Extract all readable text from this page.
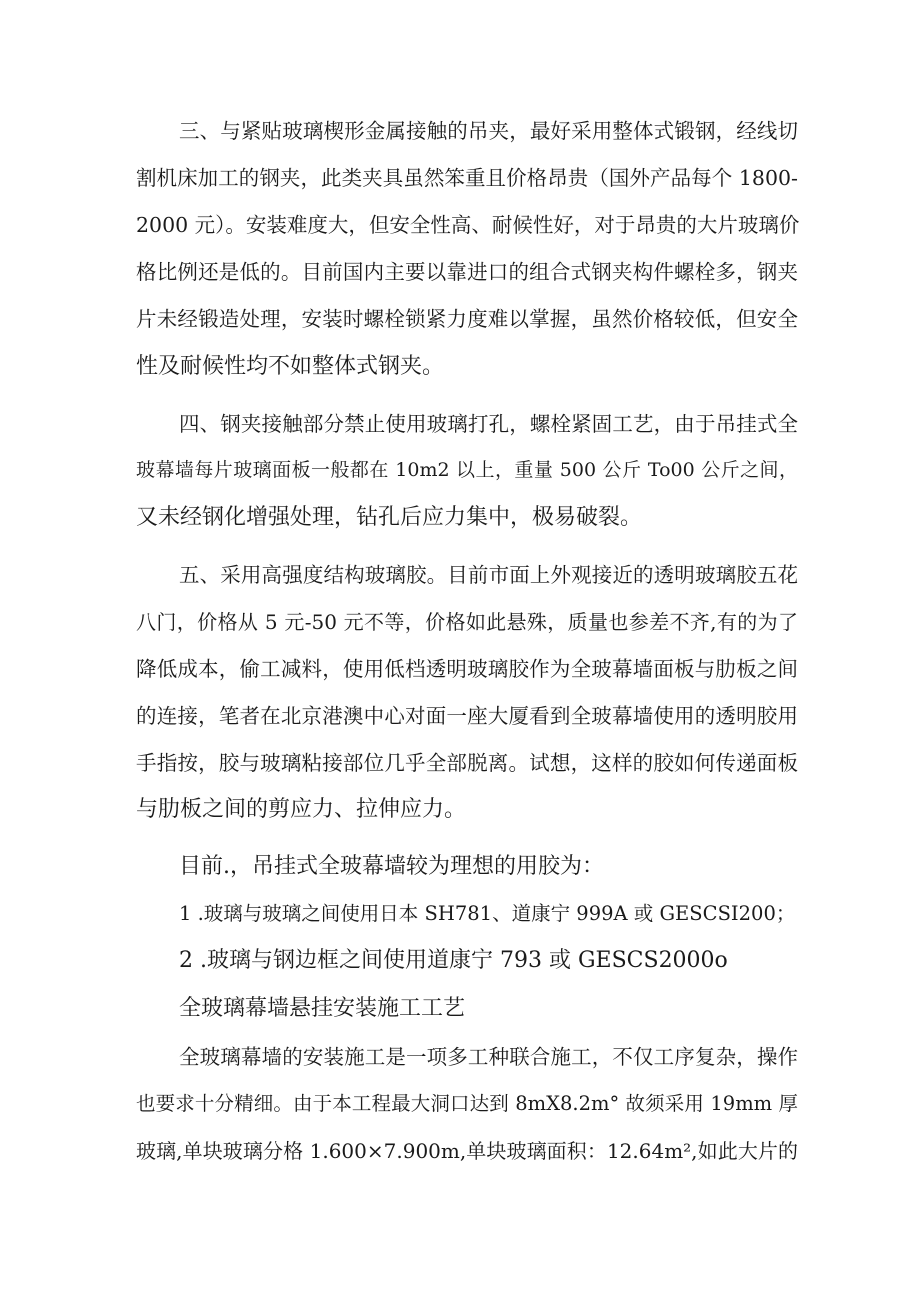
三、与紧贴玻璃楔形金属接触的吊夹，最好采用整体式锻钢，经线切
割机床加工的钢夹，此类夹具虽然笨重且价格昂贵（国外产品每个 1800-
2000 元）。安装难度大，但安全性高、耐候性好，对于昂贵的大片玻璃价
格比例还是低的。目前国内主要以靠进口的组合式钢夹构件螺栓多，钢夹
片未经锻造处理，安装时螺栓锁紧力度难以掌握，虽然价格较低，但安全
性及耐候性均不如整体式钢夹。
四、钢夹接触部分禁止使用玻璃打孔，螺栓紧固工艺，由于吊挂式全
玻幕墙每片玻璃面板一般都在 10m2 以上，重量 500 公斤 To00 公斤之间，
又未经钢化增强处理，钻孔后应力集中，极易破裂。
五、采用高强度结构玻璃胶。目前市面上外观接近的透明玻璃胶五花
八门，价格从 5 元-50 元不等，价格如此悬殊，质量也参差不齐,有的为了
降低成本，偷工减料，使用低档透明玻璃胶作为全玻幕墙面板与肋板之间
的连接，笔者在北京港澳中心对面一座大厦看到全玻幕墙使用的透明胶用
手指按，胶与玻璃粘接部位几乎全部脱离。试想，这样的胶如何传递面板
与肋板之间的剪应力、拉伸应力。
目前.，吊挂式全玻幕墙较为理想的用胶为：
1 .玻璃与玻璃之间使用日本 SH781、道康宁 999A 或 GESCSI200；
2 .玻璃与钢边框之间使用道康宁 793 或 GESCS2000o
全玻璃幕墙悬挂安装施工工艺
全玻璃幕墙的安装施工是一项多工种联合施工，不仅工序复杂，操作
也要求十分精细。由于本工程最大洞口达到 8mX8.2m° 故须采用 19mm 厚
玻璃,单块玻璃分格 1.600×7.900m,单块玻璃面积：12.64m²,如此大片的
